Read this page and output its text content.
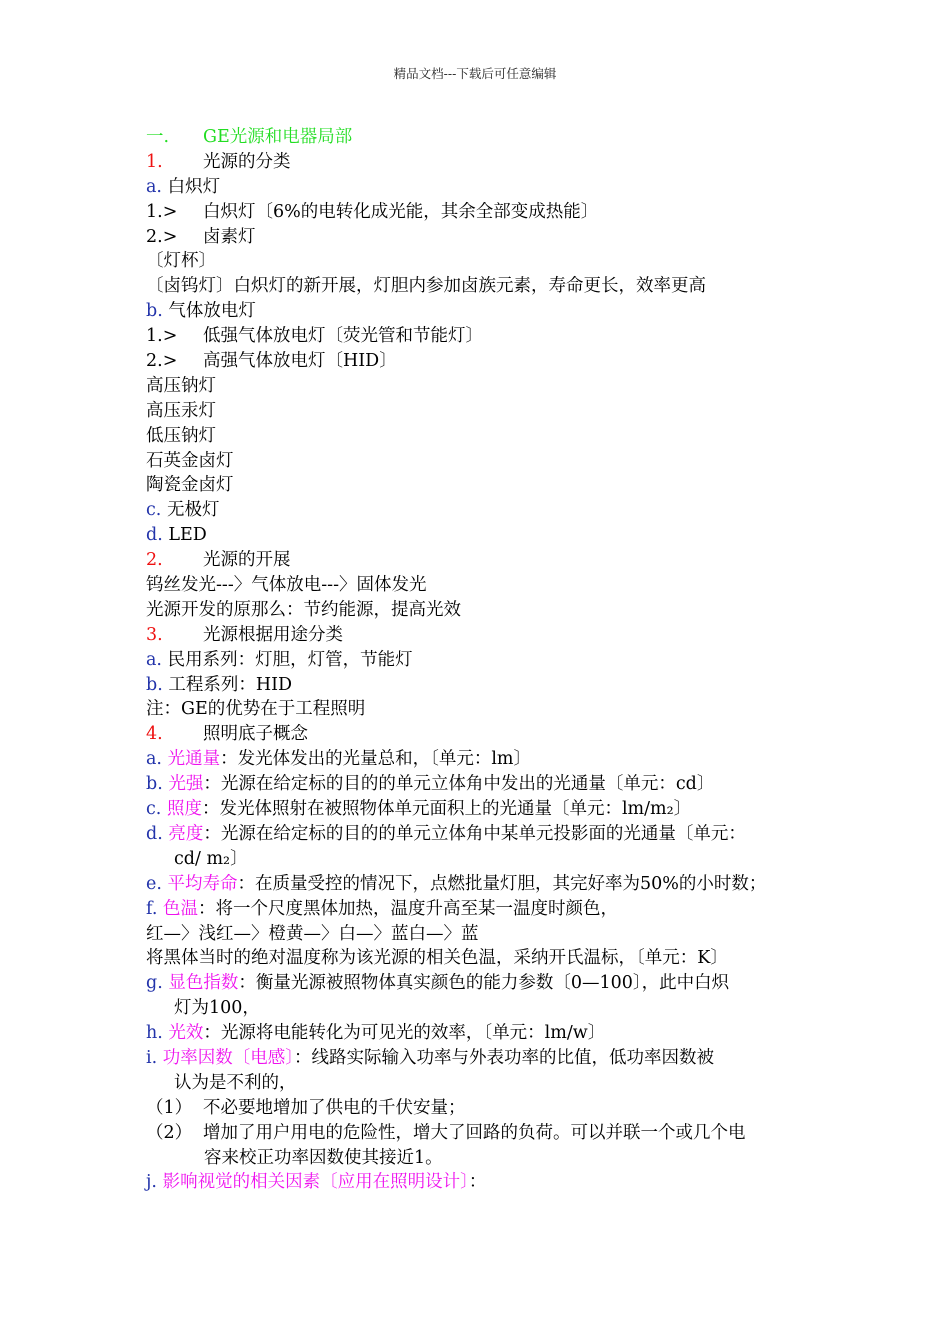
精品文档---下载后可任意编辑
一. GE光源和电器局部
1. 光源的分类
a. 白炽灯
1.> 白炽灯〔6%的电转化成光能，其余全部变成热能〕
2.> 卤素灯
〔灯杯〕
〔卤钨灯〕白炽灯的新开展，灯胆内参加卤族元素，寿命更长，效率更高
b. 气体放电灯
1.> 低强气体放电灯〔荧光管和节能灯〕
2.> 高强气体放电灯〔HID〕
高压钠灯
高压汞灯
低压钠灯
石英金卤灯
陶瓷金卤灯
c. 无极灯
d. LED
2. 光源的开展
钨丝发光---〉气体放电---〉固体发光
光源开发的原那么：节约能源，提高光效
3. 光源根据用途分类
a. 民用系列：灯胆，灯管，节能灯
b. 工程系列：HID
注：GE的优势在于工程照明
4. 照明底子概念
a. 光通量：发光体发出的光量总和，〔单元：lm〕
b. 光强：光源在给定标的目的的单元立体角中发出的光通量〔单元：cd〕
c. 照度：发光体照射在被照物体单元面积上的光通量〔单元：lm/m₂〕
d. 亮度：光源在给定标的目的的单元立体角中某单元投影面的光通量〔单元：
cd/ m₂〕
e. 平均寿命：在质量受控的情况下，点燃批量灯胆，其完好率为50%的小时数；
f. 色温：将一个尺度黑体加热，温度升高至某一温度时颜色，
红—〉浅红—〉橙黄—〉白—〉蓝白—〉蓝
将黑体当时的绝对温度称为该光源的相关色温，采纳开氏温标，〔单元：K〕
g. 显色指数：衡量光源被照物体真实颜色的能力参数〔0—100〕，此中白炽
灯为100，
h. 光效：光源将电能转化为可见光的效率，〔单元：lm/w〕
i. 功率因数〔电感〕：线路实际输入功率与外表功率的比值，低功率因数被
认为是不利的，
（1） 不必要地增加了供电的千伏安量；
（2） 增加了用户用电的危险性，增大了回路的负荷。可以并联一个或几个电
容来校正功率因数使其接近1。
j. 影响视觉的相关因素〔应用在照明设计〕：
